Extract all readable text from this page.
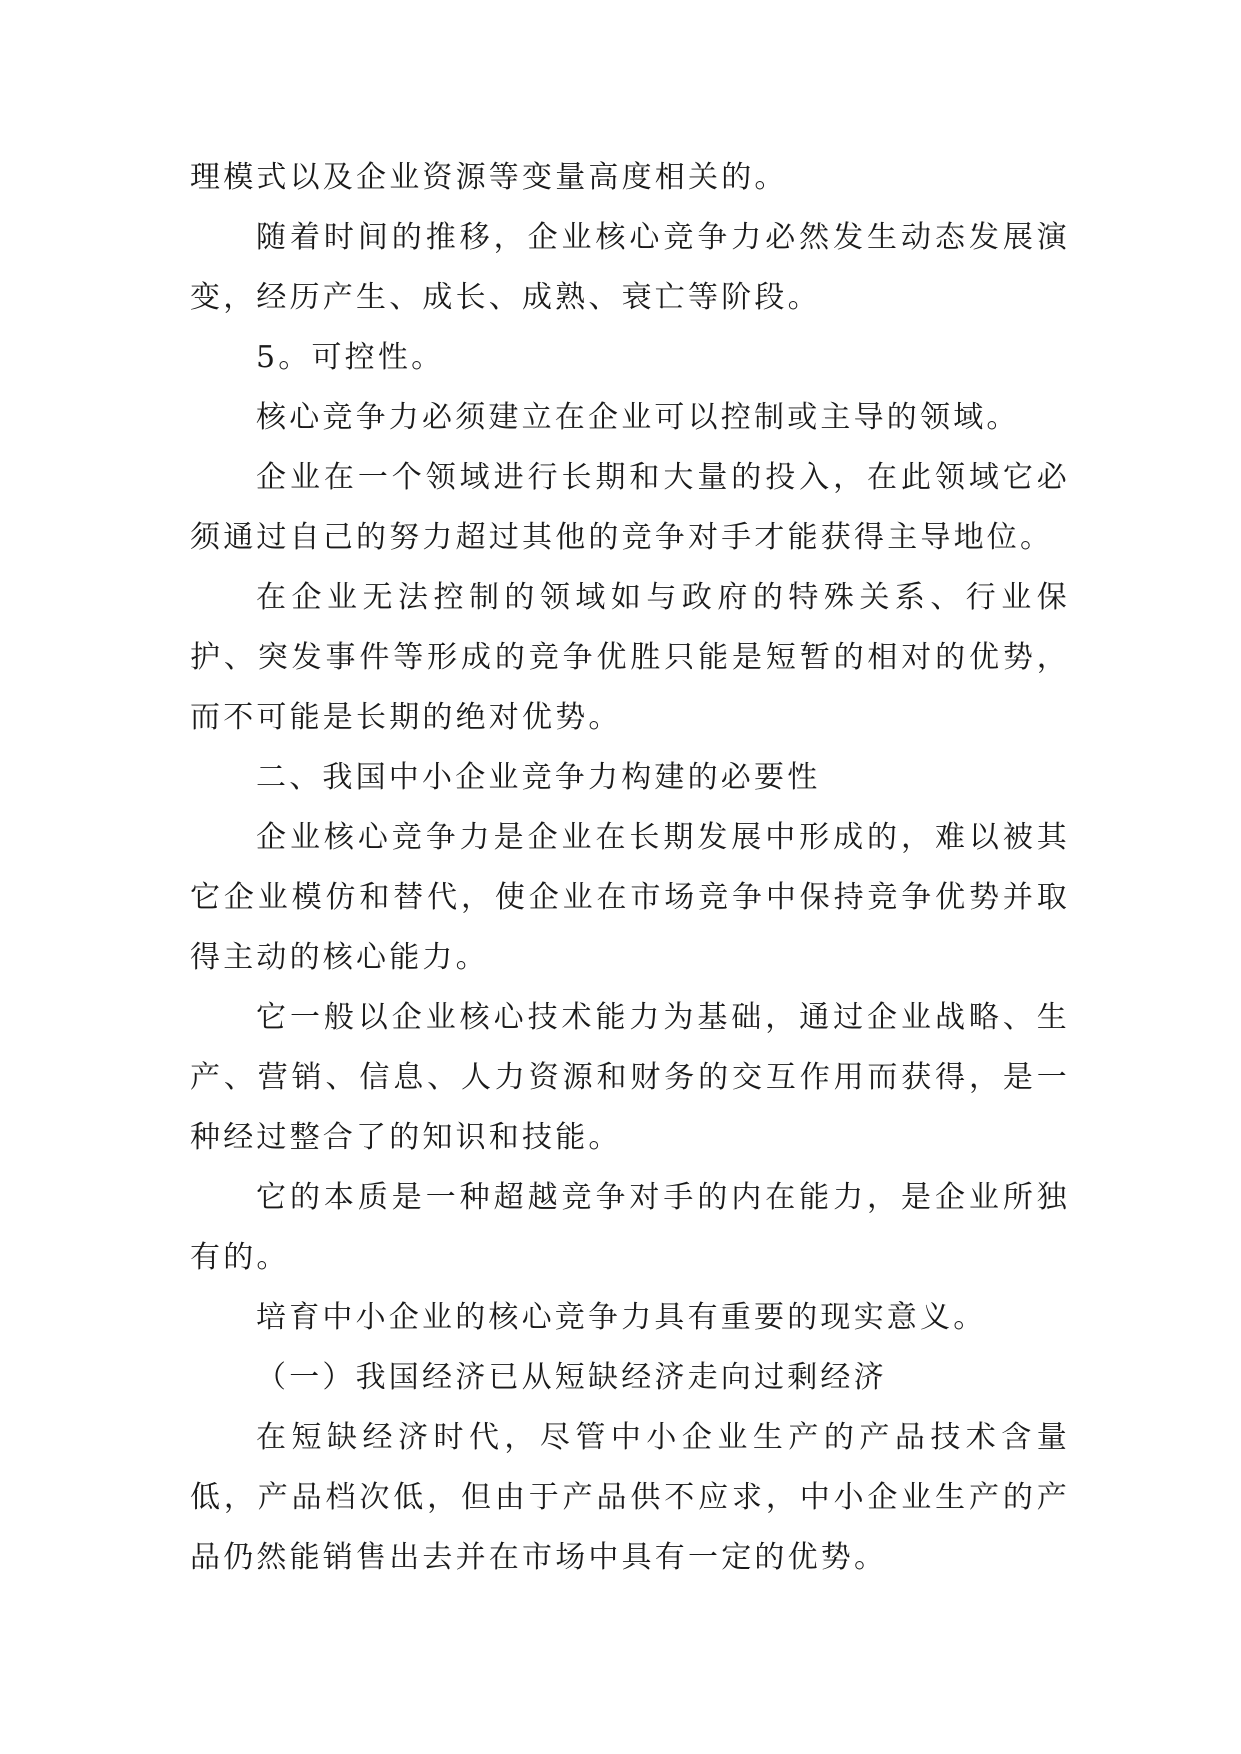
理模式以及企业资源等变量高度相关的。

随着时间的推移，企业核心竞争力必然发生动态发展演变，经历产生、成长、成熟、衰亡等阶段。

5。可控性。

核心竞争力必须建立在企业可以控制或主导的领域。

企业在一个领域进行长期和大量的投入，在此领域它必须通过自己的努力超过其他的竞争对手才能获得主导地位。

在企业无法控制的领域如与政府的特殊关系、行业保护、突发事件等形成的竞争优胜只能是短暂的相对的优势，而不可能是长期的绝对优势。

二、我国中小企业竞争力构建的必要性

企业核心竞争力是企业在长期发展中形成的，难以被其它企业模仿和替代，使企业在市场竞争中保持竞争优势并取得主动的核心能力。

它一般以企业核心技术能力为基础，通过企业战略、生产、营销、信息、人力资源和财务的交互作用而获得，是一种经过整合了的知识和技能。

它的本质是一种超越竞争对手的内在能力，是企业所独有的。

培育中小企业的核心竞争力具有重要的现实意义。

（一）我国经济已从短缺经济走向过剩经济

在短缺经济时代，尽管中小企业生产的产品技术含量低，产品档次低，但由于产品供不应求，中小企业生产的产品仍然能销售出去并在市场中具有一定的优势。
